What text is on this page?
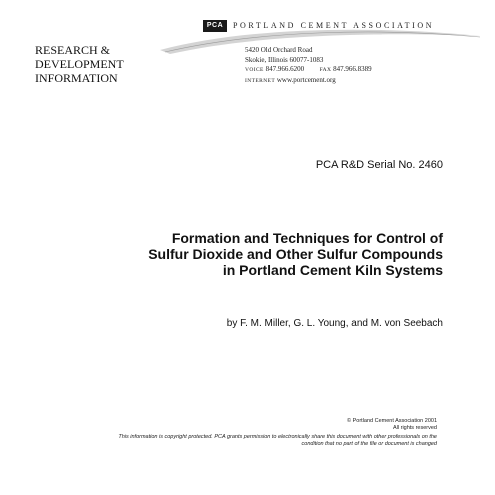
PCA	PORTLAND CEMENT ASSOCIATION
RESEARCH &
DEVELOPMENT
INFORMATION
5420 Old Orchard Road
Skokie, Illinois 60077-1083
VOICE 847.966.6200	FAX 847.966.8389
INTERNET www.portcement.org
PCA R&D Serial No. 2460
Formation and Techniques for Control of
Sulfur Dioxide and Other Sulfur Compounds
in Portland Cement Kiln Systems
by F. M. Miller, G. L. Young, and M. von Seebach
© Portland Cement Association 2001
All rights reserved
This information is copyright protected. PCA grants permission to electronically share this document with other professionals on the
condition that no part of the file or document is changed
